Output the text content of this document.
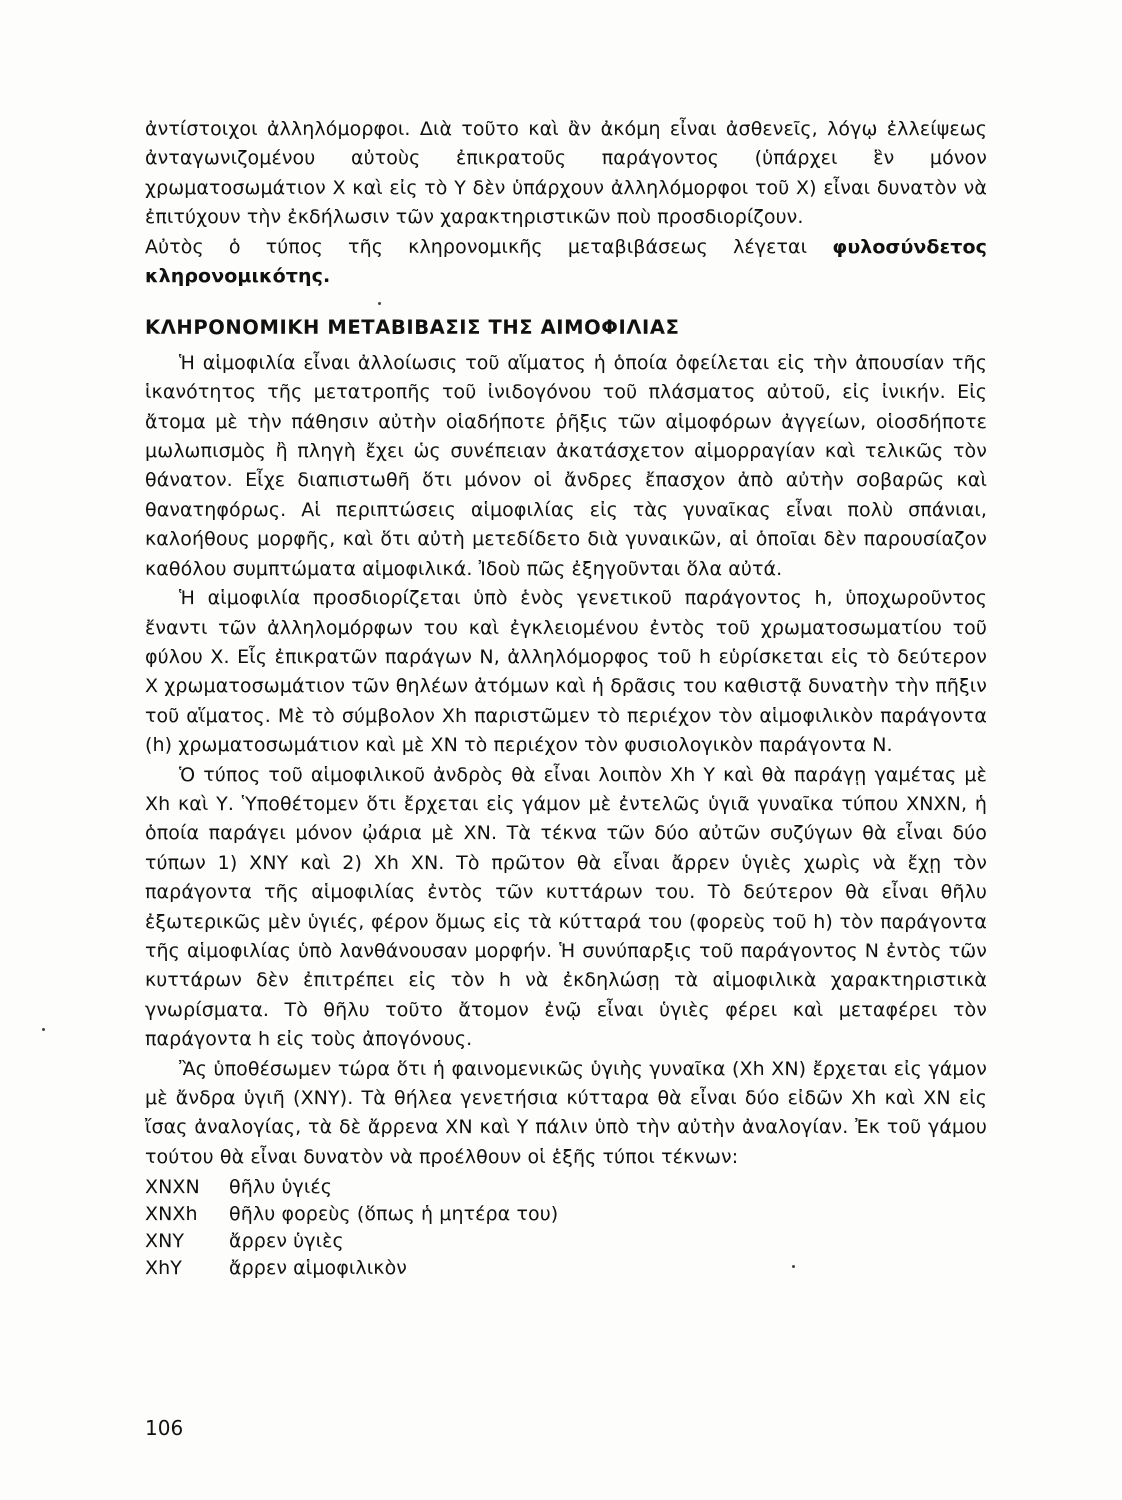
ἀντίστοιχοι ἀλληλόμορφοι. Διὰ τοῦτο καὶ ἂν ἀκόμη εἶναι ἀσθενεῖς, λόγῳ ἐλλείψεως ἀνταγωνιζομένου αὐτοὺς ἐπικρατοῦς παράγοντος (ὑπάρχει ἓν μόνον χρωματοσωμάτιον Χ καὶ εἰς τὸ Υ δὲν ὑπάρχουν ἀλληλόμορφοι τοῦ Χ) εἶναι δυνατὸν νὰ ἐπιτύχουν τὴν ἐκδήλωσιν τῶν χαρακτηριστικῶν ποὺ προσδιορίζουν.

Αὐτὸς ὁ τύπος τῆς κληρονομικῆς μεταβιβάσεως λέγεται φυλοσύνδετος κληρονομικότης.

ΚΛΗΡΟΝΟΜΙΚΗ ΜΕΤΑΒΙΒΑΣΙΣ ΤΗΣ ΑΙΜΟΦΙΛΙΑΣ

Ἡ αἱμοφιλία εἶναι ἀλλοίωσις τοῦ αἵματος ἡ ὁποία ὀφείλεται εἰς τὴν ἀπουσίαν τῆς ἱκανότητος τῆς μετατροπῆς τοῦ ἰνιδογόνου τοῦ πλάσματος αὐτοῦ, εἰς ἰνικήν. Εἰς ἄτομα μὲ τὴν πάθησιν αὐτὴν οἱαδήποτε ῥῆξις τῶν αἱμοφόρων ἀγγείων, οἱοσδήποτε μωλωπισμὸς ἢ πληγὴ ἔχει ὡς συνέπειαν ἀκατάσχετον αἱμορραγίαν καὶ τελικῶς τὸν θάνατον. Εἶχε διαπιστωθῆ ὅτι μόνον οἱ ἄνδρες ἔπασχον ἀπὸ αὐτὴν σοβαρῶς καὶ θανατηφόρως. Αἱ περιπτώσεις αἱμοφιλίας εἰς τὰς γυναῖκας εἶναι πολὺ σπάνιαι, καλοήθους μορφῆς, καὶ ὅτι αὐτὴ μετεδίδετο διὰ γυναικῶν, αἱ ὁποῖαι δὲν παρουσίαζον καθόλου συμπτώματα αἱμοφιλικά. Ἰδοὺ πῶς ἐξηγοῦνται ὅλα αὐτά.

Ἡ αἱμοφιλία προσδιορίζεται ὑπὸ ἑνὸς γενετικοῦ παράγοντος h, ὑποχωροῦντος ἔναντι τῶν ἀλληλομόρφων του καὶ ἐγκλειομένου ἐντὸς τοῦ χρωματοσωματίου τοῦ φύλου Χ. Εἷς ἐπικρατῶν παράγων Ν, ἀλληλόμορφος τοῦ h εὑρίσκεται εἰς τὸ δεύτερον Χ χρωματοσωμάτιον τῶν θηλέων ἀτόμων καὶ ἡ δρᾶσις του καθιστᾷ δυνατὴν τὴν πῆξιν τοῦ αἵματος. Μὲ τὸ σύμβολον Χh παριστῶμεν τὸ περιέχον τὸν αἱμοφιλικὸν παράγοντα (h) χρωματοσωμάτιον καὶ μὲ ΧΝ τὸ περιέχον τὸν φυσιολογικὸν παράγοντα Ν.

Ὁ τύπος τοῦ αἱμοφιλικοῦ ἀνδρὸς θὰ εἶναι λοιπὸν Χh Υ καὶ θὰ παράγῃ γαμέτας μὲ Χh καὶ Υ. Ὑποθέτομεν ὅτι ἔρχεται εἰς γάμον μὲ ἐντελῶς ὑγιᾶ γυναῖκα τύπου ΧΝΧΝ, ἡ ὁποία παράγει μόνον ᾠάρια μὲ ΧΝ. Τὰ τέκνα τῶν δύο αὐτῶν συζύγων θὰ εἶναι δύο τύπων 1) ΧΝΥ καὶ 2) Χh ΧΝ. Τὸ πρῶτον θὰ εἶναι ἄρρεν ὑγιὲς χωρὶς νὰ ἔχῃ τὸν παράγοντα τῆς αἱμοφιλίας ἐντὸς τῶν κυττάρων του. Τὸ δεύτερον θὰ εἶναι θῆλυ ἐξωτερικῶς μὲν ὑγιές, φέρον ὅμως εἰς τὰ κύτταρά του (φορεὺς τοῦ h) τὸν παράγοντα τῆς αἱμοφιλίας ὑπὸ λανθάνουσαν μορφήν. Ἡ συνύπαρξις τοῦ παράγοντος Ν ἐντὸς τῶν κυττάρων δὲν ἐπιτρέπει εἰς τὸν h νὰ ἐκδηλώσῃ τὰ αἱμοφιλικὰ χαρακτηριστικὰ γνωρίσματα. Τὸ θῆλυ τοῦτο ἄτομον ἐνῷ εἶναι ὑγιὲς φέρει καὶ μεταφέρει τὸν παράγοντα h εἰς τοὺς ἀπογόνους.

Ἂς ὑποθέσωμεν τώρα ὅτι ἡ φαινομενικῶς ὑγιὴς γυναῖκα (Χh ΧΝ) ἔρχεται εἰς γάμον μὲ ἄνδρα ὑγιῆ (ΧΝΥ). Τὰ θήλεα γενετήσια κύτταρα θὰ εἶναι δύο εἰδῶν Χh καὶ ΧΝ εἰς ἴσας ἀναλογίας, τὰ δὲ ἄρρενα ΧΝ καὶ Υ πάλιν ὑπὸ τὴν αὐτὴν ἀναλογίαν. Ἐκ τοῦ γάμου τούτου θὰ εἶναι δυνατὸν νὰ προέλθουν οἱ ἑξῆς τύποι τέκνων:

ΧΝΧΝ	θῆλυ ὑγιές
ΧΝΧh	θῆλυ φορεὺς (ὅπως ἡ μητέρα του)
ΧΝΥ	ἄρρεν ὑγιὲς
ΧhΥ	ἄρρεν αἱμοφιλικὸν
106
